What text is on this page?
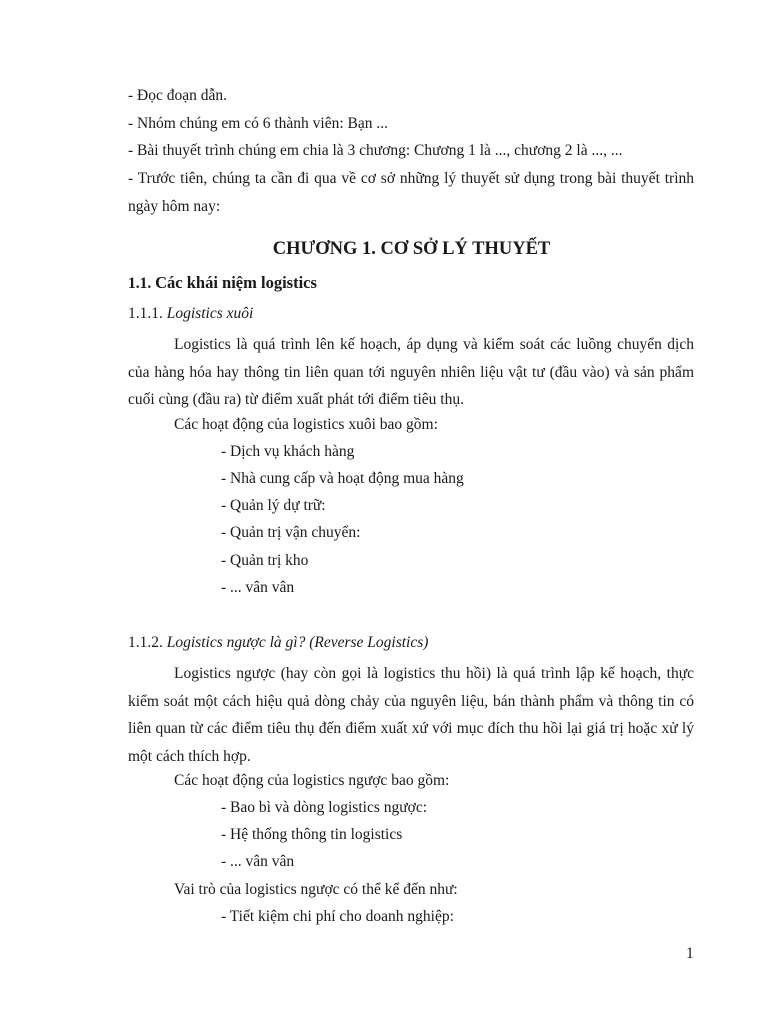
- Đọc đoạn dẫn.
- Nhóm chúng em có 6 thành viên: Bạn ...
- Bài thuyết trình chúng em chia là 3 chương: Chương 1 là ..., chương 2 là ..., ...
- Trước tiên, chúng ta cần đi qua về cơ sở những lý thuyết sử dụng trong bài thuyết trình ngày hôm nay:
CHƯƠNG 1. CƠ SỞ LÝ THUYẾT
1.1. Các khái niệm logistics
1.1.1. Logistics xuôi
Logistics là quá trình lên kế hoạch, áp dụng và kiểm soát các luồng chuyển dịch của hàng hóa hay thông tin liên quan tới nguyên nhiên liệu vật tư (đầu vào) và sản phẩm cuối cùng (đầu ra) từ điểm xuất phát tới điểm tiêu thụ.
Các hoạt động của logistics xuôi bao gồm:
- Dịch vụ khách hàng
- Nhà cung cấp và hoạt động mua hàng
- Quản lý dự trữ:
- Quản trị vận chuyển:
- Quản trị kho
- ... vân vân
1.1.2. Logistics ngược là gì? (Reverse Logistics)
Logistics ngược (hay còn gọi là logistics thu hồi) là quá trình lập kế hoạch, thực kiểm soát một cách hiệu quả dòng chảy của nguyên liệu, bán thành phẩm và thông tin có liên quan từ các điểm tiêu thụ đến điểm xuất xứ với mục đích thu hồi lại giá trị hoặc xử lý một cách thích hợp.
Các hoạt động của logistics ngược bao gồm:
- Bao bì và dòng logistics ngược:
- Hệ thống thông tin logistics
- ... vân vân
Vai trò của logistics ngược có thể kể đến như:
- Tiết kiệm chi phí cho doanh nghiệp:
1
